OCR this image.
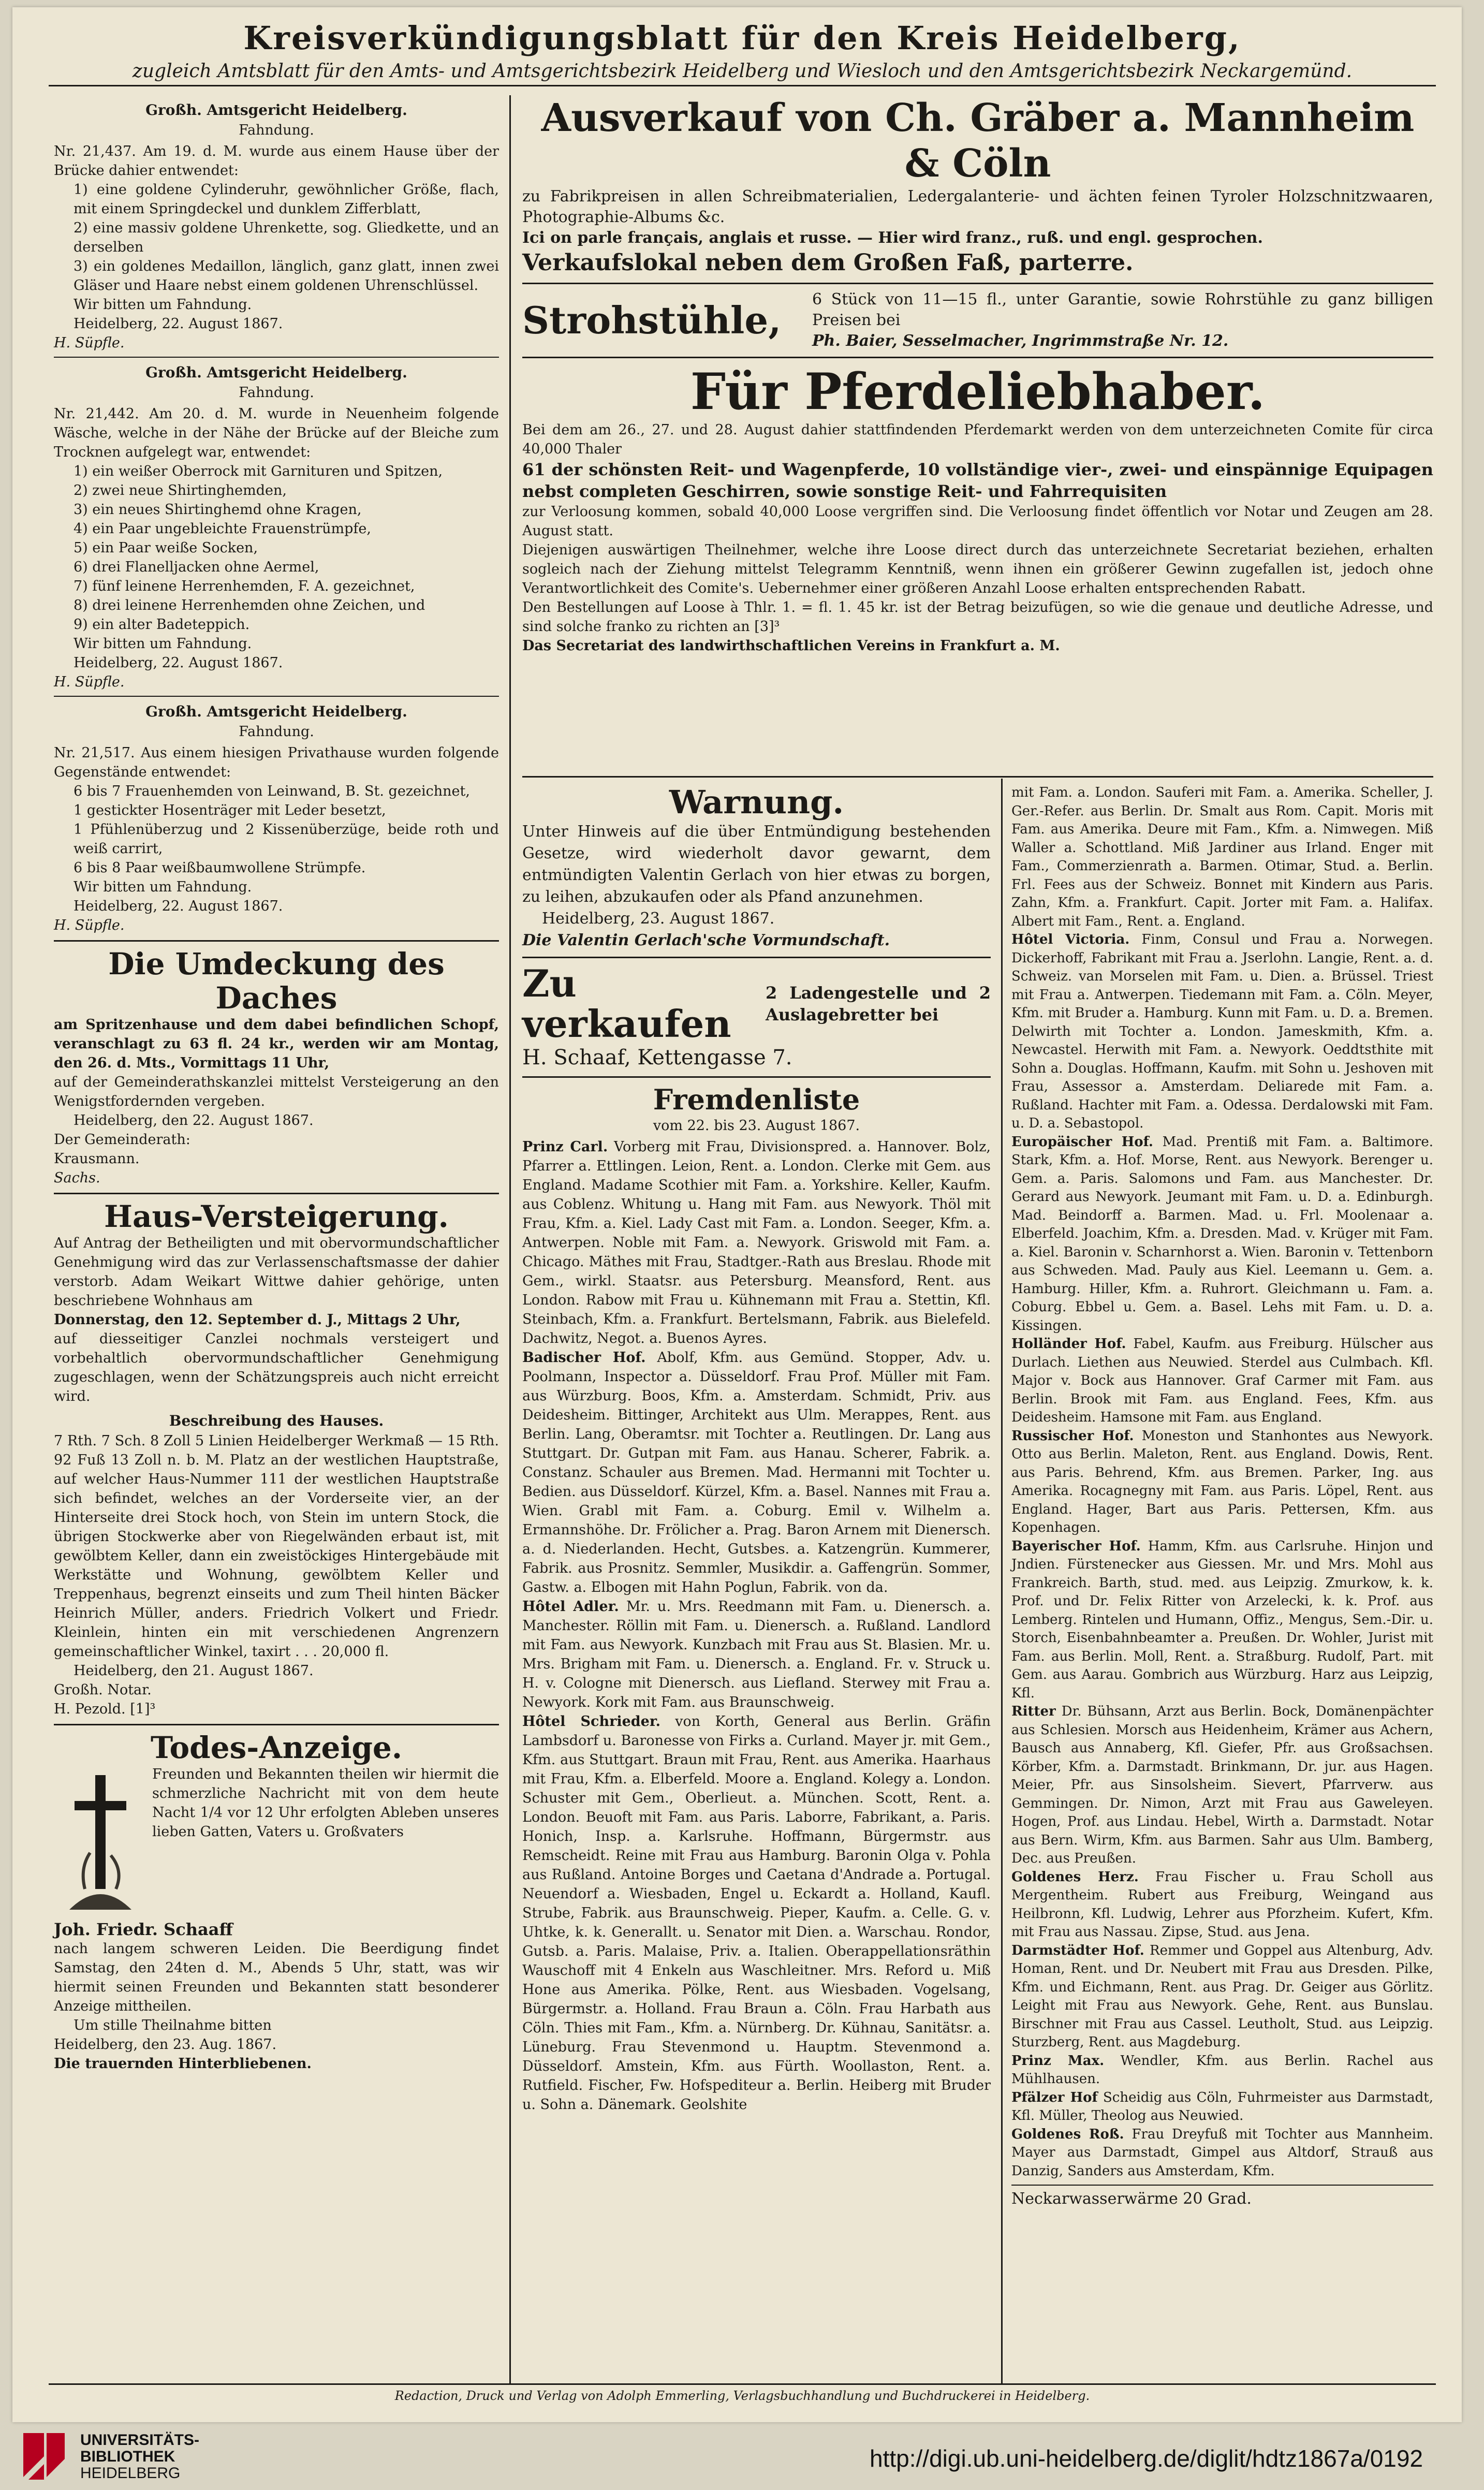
Kreisverkündigungsblatt für den Kreis Heidelberg,
zugleich Amtsblatt für den Amts- und Amtsgerichtsbezirk Heidelberg und Wiesloch und den Amtsgerichtsbezirk Neckargemünd.
Großh. Amtsgericht Heidelberg.
Fahndung.

Nr. 21,437. Am 19. d. M. wurde aus einem Hause über der Brücke dahier entwendet:

1) eine goldene Cylinderuhr, gewöhnlicher Größe, flach, mit einem Springdeckel und dunklem Zifferblatt,

2) eine massiv goldene Uhrenkette, sog. Gliedkette, und an derselben

3) ein goldenes Medaillon, länglich, ganz glatt, innen zwei Gläser und Haare nebst einem goldenen Uhrenschlüssel.

Wir bitten um Fahndung.

Heidelberg, 22. August 1867.

H. Süpfle.

Großh. Amtsgericht Heidelberg.
Fahndung.

Nr. 21,442. Am 20. d. M. wurde in Neuenheim folgende Wäsche, welche in der Nähe der Brücke auf der Bleiche zum Trocknen aufgelegt war, entwendet:

1) ein weißer Oberrock mit Garnituren und Spitzen,

2) zwei neue Shirtinghemden,

3) ein neues Shirtinghemd ohne Kragen,

4) ein Paar ungebleichte Frauenstrümpfe,

5) ein Paar weiße Socken,

6) drei Flanelljacken ohne Aermel,

7) fünf leinene Herrenhemden, F. A. gezeichnet,

8) drei leinene Herrenhemden ohne Zeichen, und

9) ein alter Badeteppich.

Wir bitten um Fahndung.

Heidelberg, 22. August 1867.

H. Süpfle.

Großh. Amtsgericht Heidelberg.
Fahndung.

Nr. 21,517. Aus einem hiesigen Privathause wurden folgende Gegenstände entwendet:

6 bis 7 Frauenhemden von Leinwand, B. St. gezeichnet,

1 gestickter Hosenträger mit Leder besetzt,

1 Pfühlenüberzug und 2 Kissenüberzüge, beide roth und weiß carrirt,

6 bis 8 Paar weißbaumwollene Strümpfe.

Wir bitten um Fahndung.

Heidelberg, 22. August 1867.

H. Süpfle.

Die Umdeckung des Daches

am Spritzenhause und dem dabei befindlichen Schopf, veranschlagt zu 63 fl. 24 kr., werden wir am Montag, den 26. d. Mts., Vormittags 11 Uhr,

auf der Gemeinderathskanzlei mittelst Versteigerung an den Wenigstfordernden vergeben.

Heidelberg, den 22. August 1867.

Der Gemeinderath:

Krausmann.

Sachs.

Haus-Versteigerung.

Auf Antrag der Betheiligten und mit obervormundschaftlicher Genehmigung wird das zur Verlassenschaftsmasse der dahier verstorb. Adam Weikart Wittwe dahier gehörige, unten beschriebene Wohnhaus am

Donnerstag, den 12. September d. J., Mittags 2 Uhr,

auf diesseitiger Canzlei nochmals versteigert und vorbehaltlich obervormundschaftlicher Genehmigung zugeschlagen, wenn der Schätzungspreis auch nicht erreicht wird.

Beschreibung des Hauses.

7 Rth. 7 Sch. 8 Zoll 5 Linien Heidelberger Werkmaß — 15 Rth. 92 Fuß 13 Zoll n. b. M. Platz an der westlichen Hauptstraße, auf welcher Haus-Nummer 111 der westlichen Hauptstraße sich befindet, welches an der Vorderseite vier, an der Hinterseite drei Stock hoch, von Stein im untern Stock, die übrigen Stockwerke aber von Riegelwänden erbaut ist, mit gewölbtem Keller, dann ein zweistöckiges Hintergebäude mit Werkstätte und Wohnung, gewölbtem Keller und Treppenhaus, begrenzt einseits und zum Theil hinten Bäcker Heinrich Müller, anders. Friedrich Volkert und Friedr. Kleinlein, hinten ein mit verschiedenen Angrenzern gemeinschaftlicher Winkel, taxirt . . . 20,000 fl.

Heidelberg, den 21. August 1867.

Großh. Notar.

H. Pezold. [1]³

Todes-Anzeige.

Freunden und Bekannten theilen wir hiermit die schmerzliche Nachricht mit von dem heute Nacht 1/4 vor 12 Uhr erfolgten Ableben unseres lieben Gatten, Vaters u. Großvaters

Joh. Friedr. Schaaff

nach langem schweren Leiden. Die Beerdigung findet Samstag, den 24ten d. M., Abends 5 Uhr, statt, was wir hiermit seinen Freunden und Bekannten statt besonderer Anzeige mittheilen.

Um stille Theilnahme bitten

Heidelberg, den 23. Aug. 1867.

Die trauernden Hinterbliebenen.

Ausverkauf von Ch. Gräber a. Mannheim & Cöln

zu Fabrikpreisen in allen Schreibmaterialien, Ledergalanterie- und ächten feinen Tyroler Holzschnitzwaaren, Photographie-Albums &c.

Ici on parle français, anglais et russe. — Hier wird franz., ruß. und engl. gesprochen.

Verkaufslokal neben dem Großen Faß, parterre.

Strohstühle,	6 Stück von 11—15 fl., unter Garantie, sowie Rohrstühle zu ganz billigen Preisen bei

Ph. Baier, Sesselmacher, Ingrimmstraße Nr. 12.

Für Pferdeliebhaber.

Bei dem am 26., 27. und 28. August dahier stattfindenden Pferdemarkt werden von dem unterzeichneten Comite für circa 40,000 Thaler

61 der schönsten Reit- und Wagenpferde, 10 vollständige vier-, zwei- und einspännige Equipagen nebst completen Geschirren, sowie sonstige Reit- und Fahrrequisiten

zur Verloosung kommen, sobald 40,000 Loose vergriffen sind. Die Verloosung findet öffentlich vor Notar und Zeugen am 28. August statt.

Diejenigen auswärtigen Theilnehmer, welche ihre Loose direct durch das unterzeichnete Secretariat beziehen, erhalten sogleich nach der Ziehung mittelst Telegramm Kenntniß, wenn ihnen ein größerer Gewinn zugefallen ist, jedoch ohne Verantwortlichkeit des Comite's. Uebernehmer einer größeren Anzahl Loose erhalten entsprechenden Rabatt.

Den Bestellungen auf Loose à Thlr. 1. = fl. 1. 45 kr. ist der Betrag beizufügen, so wie die genaue und deutliche Adresse, und sind solche franko zu richten an [3]³

Das Secretariat des landwirthschaftlichen Vereins in Frankfurt a. M.

Warnung.

Unter Hinweis auf die über Entmündigung bestehenden Gesetze, wird wiederholt davor gewarnt, dem entmündigten Valentin Gerlach von hier etwas zu borgen, zu leihen, abzukaufen oder als Pfand anzunehmen.

Heidelberg, 23. August 1867.

Die Valentin Gerlach'sche Vormundschaft.

Zu verkaufen

2 Ladengestelle und 2 Auslagebretter bei

H. Schaaf, Kettengasse 7.

Fremdenliste
vom 22. bis 23. August 1867.

Prinz Carl. Vorberg mit Frau, Divisionspred. a. Hannover. Bolz, Pfarrer a. Ettlingen. Leion, Rent. a. London. Clerke mit Gem. aus England. Madame Scothier mit Fam. a. Yorkshire. Keller, Kaufm. aus Coblenz. Whitung u. Hang mit Fam. aus Newyork. Thöl mit Frau, Kfm. a. Kiel. Lady Cast mit Fam. a. London. Seeger, Kfm. a. Antwerpen. Noble mit Fam. a. Newyork. Griswold mit Fam. a. Chicago. Mäthes mit Frau, Stadtger.-Rath aus Breslau. Rhode mit Gem., wirkl. Staatsr. aus Petersburg. Meansford, Rent. aus London. Rabow mit Frau u. Kühnemann mit Frau a. Stettin, Kfl. Steinbach, Kfm. a. Frankfurt. Bertelsmann, Fabrik. aus Bielefeld. Dachwitz, Negot. a. Buenos Ayres.

Badischer Hof. Abolf, Kfm. aus Gemünd. Stopper, Adv. u. Poolmann, Inspector a. Düsseldorf. Frau Prof. Müller mit Fam. aus Würzburg. Boos, Kfm. a. Amsterdam. Schmidt, Priv. aus Deidesheim. Bittinger, Architekt aus Ulm. Merappes, Rent. aus Berlin. Lang, Oberamtsr. mit Tochter a. Reutlingen. Dr. Lang aus Stuttgart. Dr. Gutpan mit Fam. aus Hanau. Scherer, Fabrik. a. Constanz. Schauler aus Bremen. Mad. Hermanni mit Tochter u. Bedien. aus Düsseldorf. Kürzel, Kfm. a. Basel. Nannes mit Frau a. Wien. Grabl mit Fam. a. Coburg. Emil v. Wilhelm a. Ermannshöhe. Dr. Frölicher a. Prag. Baron Arnem mit Dienersch. a. d. Niederlanden. Hecht, Gutsbes. a. Katzengrün. Kummerer, Fabrik. aus Prosnitz. Semmler, Musikdir. a. Gaffengrün. Sommer, Gastw. a. Elbogen mit Hahn Poglun, Fabrik. von da.

Hôtel Adler. Mr. u. Mrs. Reedmann mit Fam. u. Dienersch. a. Manchester. Röllin mit Fam. u. Dienersch. a. Rußland. Landlord mit Fam. aus Newyork. Kunzbach mit Frau aus St. Blasien. Mr. u. Mrs. Brigham mit Fam. u. Dienersch. a. England. Fr. v. Struck u. H. v. Cologne mit Dienersch. aus Liefland. Sterwey mit Frau a. Newyork. Kork mit Fam. aus Braunschweig.

Hôtel Schrieder. von Korth, General aus Berlin. Gräfin Lambsdorf u. Baronesse von Firks a. Curland. Mayer jr. mit Gem., Kfm. aus Stuttgart. Braun mit Frau, Rent. aus Amerika. Haarhaus mit Frau, Kfm. a. Elberfeld. Moore a. England. Kolegy a. London. Schuster mit Gem., Oberlieut. a. München. Scott, Rent. a. London. Beuoft mit Fam. aus Paris. Laborre, Fabrikant, a. Paris. Honich, Insp. a. Karlsruhe. Hoffmann, Bürgermstr. aus Remscheidt. Reine mit Frau aus Hamburg. Baronin Olga v. Pohla aus Rußland. Antoine Borges und Caetana d'Andrade a. Portugal. Neuendorf a. Wiesbaden, Engel u. Eckardt a. Holland, Kaufl. Strube, Fabrik. aus Braunschweig. Pieper, Kaufm. a. Celle. G. v. Uhtke, k. k. Generallt. u. Senator mit Dien. a. Warschau. Rondor, Gutsb. a. Paris. Malaise, Priv. a. Italien. Oberappellationsräthin Wauschoff mit 4 Enkeln aus Waschleitner. Mrs. Reford u. Miß Hone aus Amerika. Pölke, Rent. aus Wiesbaden. Vogelsang, Bürgermstr. a. Holland. Frau Braun a. Cöln. Frau Harbath aus Cöln. Thies mit Fam., Kfm. a. Nürnberg. Dr. Kühnau, Sanitätsr. a. Lüneburg. Frau Stevenmond u. Hauptm. Stevenmond a. Düsseldorf. Amstein, Kfm. aus Fürth. Woollaston, Rent. a. Rutfield. Fischer, Fw. Hofspediteur a. Berlin. Heiberg mit Bruder u. Sohn a. Dänemark. Geolshite

mit Fam. a. London. Sauferi mit Fam. a. Amerika. Scheller, J. Ger.-Refer. aus Berlin. Dr. Smalt aus Rom. Capit. Moris mit Fam. aus Amerika. Deure mit Fam., Kfm. a. Nimwegen. Miß Waller a. Schottland. Miß Jardiner aus Irland. Enger mit Fam., Commerzienrath a. Barmen. Otimar, Stud. a. Berlin. Frl. Fees aus der Schweiz. Bonnet mit Kindern aus Paris. Zahn, Kfm. a. Frankfurt. Capit. Jorter mit Fam. a. Halifax. Albert mit Fam., Rent. a. England.

Hôtel Victoria. Finm, Consul und Frau a. Norwegen. Dickerhoff, Fabrikant mit Frau a. Jserlohn. Langie, Rent. a. d. Schweiz. van Morselen mit Fam. u. Dien. a. Brüssel. Triest mit Frau a. Antwerpen. Tiedemann mit Fam. a. Cöln. Meyer, Kfm. mit Bruder a. Hamburg. Kunn mit Fam. u. D. a. Bremen. Delwirth mit Tochter a. London. Jameskmith, Kfm. a. Newcastel. Herwith mit Fam. a. Newyork. Oeddtsthite mit Sohn a. Douglas. Hoffmann, Kaufm. mit Sohn u. Jeshoven mit Frau, Assessor a. Amsterdam. Deliarede mit Fam. a. Rußland. Hachter mit Fam. a. Odessa. Derdalowski mit Fam. u. D. a. Sebastopol.

Europäischer Hof. Mad. Prentiß mit Fam. a. Baltimore. Stark, Kfm. a. Hof. Morse, Rent. aus Newyork. Berenger u. Gem. a. Paris. Salomons und Fam. aus Manchester. Dr. Gerard aus Newyork. Jeumant mit Fam. u. D. a. Edinburgh. Mad. Beindorff a. Barmen. Mad. u. Frl. Moolenaar a. Elberfeld. Joachim, Kfm. a. Dresden. Mad. v. Krüger mit Fam. a. Kiel. Baronin v. Scharnhorst a. Wien. Baronin v. Tettenborn aus Schweden. Mad. Pauly aus Kiel. Leemann u. Gem. a. Hamburg. Hiller, Kfm. a. Ruhrort. Gleichmann u. Fam. a. Coburg. Ebbel u. Gem. a. Basel. Lehs mit Fam. u. D. a. Kissingen.

Holländer Hof. Fabel, Kaufm. aus Freiburg. Hülscher aus Durlach. Liethen aus Neuwied. Sterdel aus Culmbach. Kfl. Major v. Bock aus Hannover. Graf Carmer mit Fam. aus Berlin. Brook mit Fam. aus England. Fees, Kfm. aus Deidesheim. Hamsone mit Fam. aus England.

Russischer Hof. Moneston und Stanhontes aus Newyork. Otto aus Berlin. Maleton, Rent. aus England. Dowis, Rent. aus Paris. Behrend, Kfm. aus Bremen. Parker, Ing. aus Amerika. Rocagnegny mit Fam. aus Paris. Löpel, Rent. aus England. Hager, Bart aus Paris. Pettersen, Kfm. aus Kopenhagen.

Bayerischer Hof. Hamm, Kfm. aus Carlsruhe. Hinjon und Jndien. Fürstenecker aus Giessen. Mr. und Mrs. Mohl aus Frankreich. Barth, stud. med. aus Leipzig. Zmurkow, k. k. Prof. und Dr. Felix Ritter von Arzelecki, k. k. Prof. aus Lemberg. Rintelen und Humann, Offiz., Mengus, Sem.-Dir. u. Storch, Eisenbahnbeamter a. Preußen. Dr. Wohler, Jurist mit Fam. aus Berlin. Moll, Rent. a. Straßburg. Rudolf, Part. mit Gem. aus Aarau. Gombrich aus Würzburg. Harz aus Leipzig, Kfl.

Ritter Dr. Bühsann, Arzt aus Berlin. Bock, Domänenpächter aus Schlesien. Morsch aus Heidenheim, Krämer aus Achern, Bausch aus Annaberg, Kfl. Giefer, Pfr. aus Großsachsen. Körber, Kfm. a. Darmstadt. Brinkmann, Dr. jur. aus Hagen. Meier, Pfr. aus Sinsolsheim. Sievert, Pfarrverw. aus Gemmingen. Dr. Nimon, Arzt mit Frau aus Gaweleyen. Hogen, Prof. aus Lindau. Hebel, Wirth a. Darmstadt. Notar aus Bern. Wirm, Kfm. aus Barmen. Sahr aus Ulm. Bamberg, Dec. aus Preußen.

Goldenes Herz. Frau Fischer u. Frau Scholl aus Mergentheim. Rubert aus Freiburg, Weingand aus Heilbronn, Kfl. Ludwig, Lehrer aus Pforzheim. Kufert, Kfm. mit Frau aus Nassau. Zipse, Stud. aus Jena.

Darmstädter Hof. Remmer und Goppel aus Altenburg, Adv. Homan, Rent. und Dr. Neubert mit Frau aus Dresden. Pilke, Kfm. und Eichmann, Rent. aus Prag. Dr. Geiger aus Görlitz. Leight mit Frau aus Newyork. Gehe, Rent. aus Bunslau. Birschner mit Frau aus Cassel. Leutholt, Stud. aus Leipzig. Sturzberg, Rent. aus Magdeburg.

Prinz Max. Wendler, Kfm. aus Berlin. Rachel aus Mühlhausen.

Pfälzer Hof Scheidig aus Cöln, Fuhrmeister aus Darmstadt, Kfl. Müller, Theolog aus Neuwied.

Goldenes Roß. Frau Dreyfuß mit Tochter aus Mannheim. Mayer aus Darmstadt, Gimpel aus Altdorf, Strauß aus Danzig, Sanders aus Amsterdam, Kfm.

Neckarwasserwärme 20 Grad.

Redaction, Druck und Verlag von Adolph Emmerling, Verlagsbuchhandlung und Buchdruckerei in Heidelberg.
UNIVERSITÄTS-
BIBLIOTHEK
HEIDELBERG
http://digi.ub.uni-heidelberg.de/diglit/hdtz1867a/0192
